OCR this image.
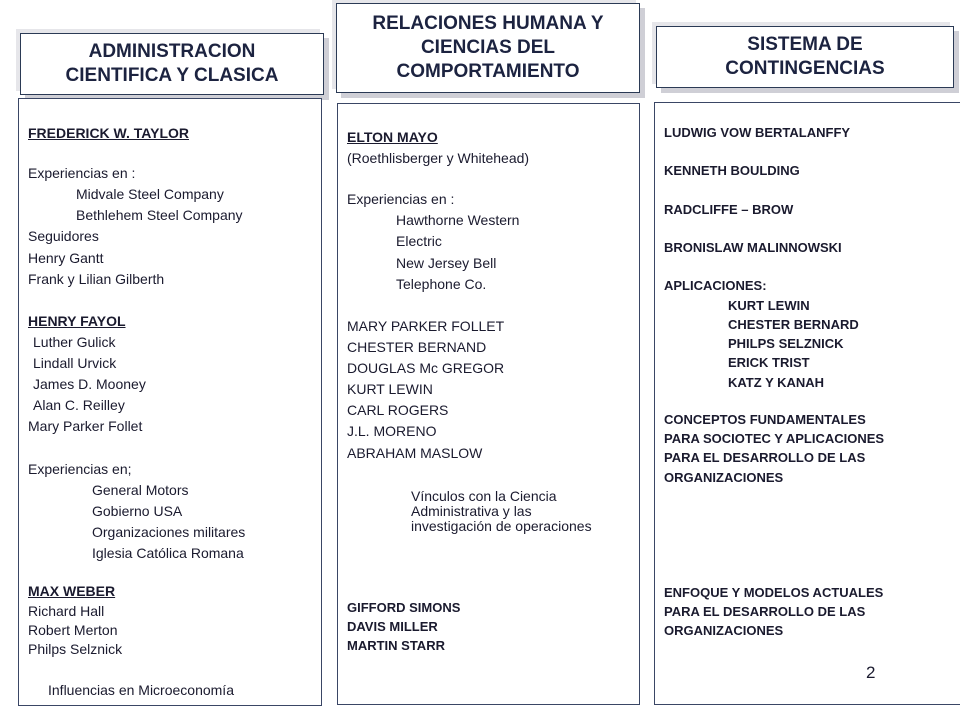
ADMINISTRACION
CIENTIFICA Y CLASICA
RELACIONES HUMANA Y
CIENCIAS DEL
COMPORTAMIENTO
SISTEMA DE
CONTINGENCIAS
FREDERICK W. TAYLOR
Experiencias en :
Midvale Steel Company
Bethlehem Steel Company
Seguidores
Henry Gantt
Frank y Lilian Gilberth
HENRY FAYOL
Luther Gulick
Lindall Urvick
James D. Mooney
Alan C. Reilley
Mary Parker Follet
Experiencias en;
General Motors
Gobierno USA
Organizaciones militares
Iglesia Católica Romana
MAX WEBER
Richard Hall
Robert Merton
Philps Selznick
Influencias en Microeconomía
ELTON MAYO
(Roethlisberger y Whitehead)
Experiencias en :
Hawthorne Western
Electric
New Jersey Bell
Telephone Co.
MARY PARKER FOLLET
CHESTER BERNAND
DOUGLAS Mc GREGOR
KURT LEWIN
CARL ROGERS
J.L. MORENO
ABRAHAM MASLOW
Vínculos con la Ciencia
Administrativa y las
investigación de operaciones
GIFFORD SIMONS
DAVIS MILLER
MARTIN STARR
LUDWIG VOW BERTALANFFY
KENNETH BOULDING
RADCLIFFE – BROW
BRONISLAW MALINNOWSKI
APLICACIONES:
KURT LEWIN
CHESTER BERNARD
PHILPS SELZNICK
ERICK TRIST
KATZ Y KANAH
CONCEPTOS FUNDAMENTALES
PARA SOCIOTEC Y APLICACIONES
PARA EL DESARROLLO DE LAS
ORGANIZACIONES
ENFOQUE Y MODELOS ACTUALES
PARA EL DESARROLLO DE LAS
ORGANIZACIONES
2
